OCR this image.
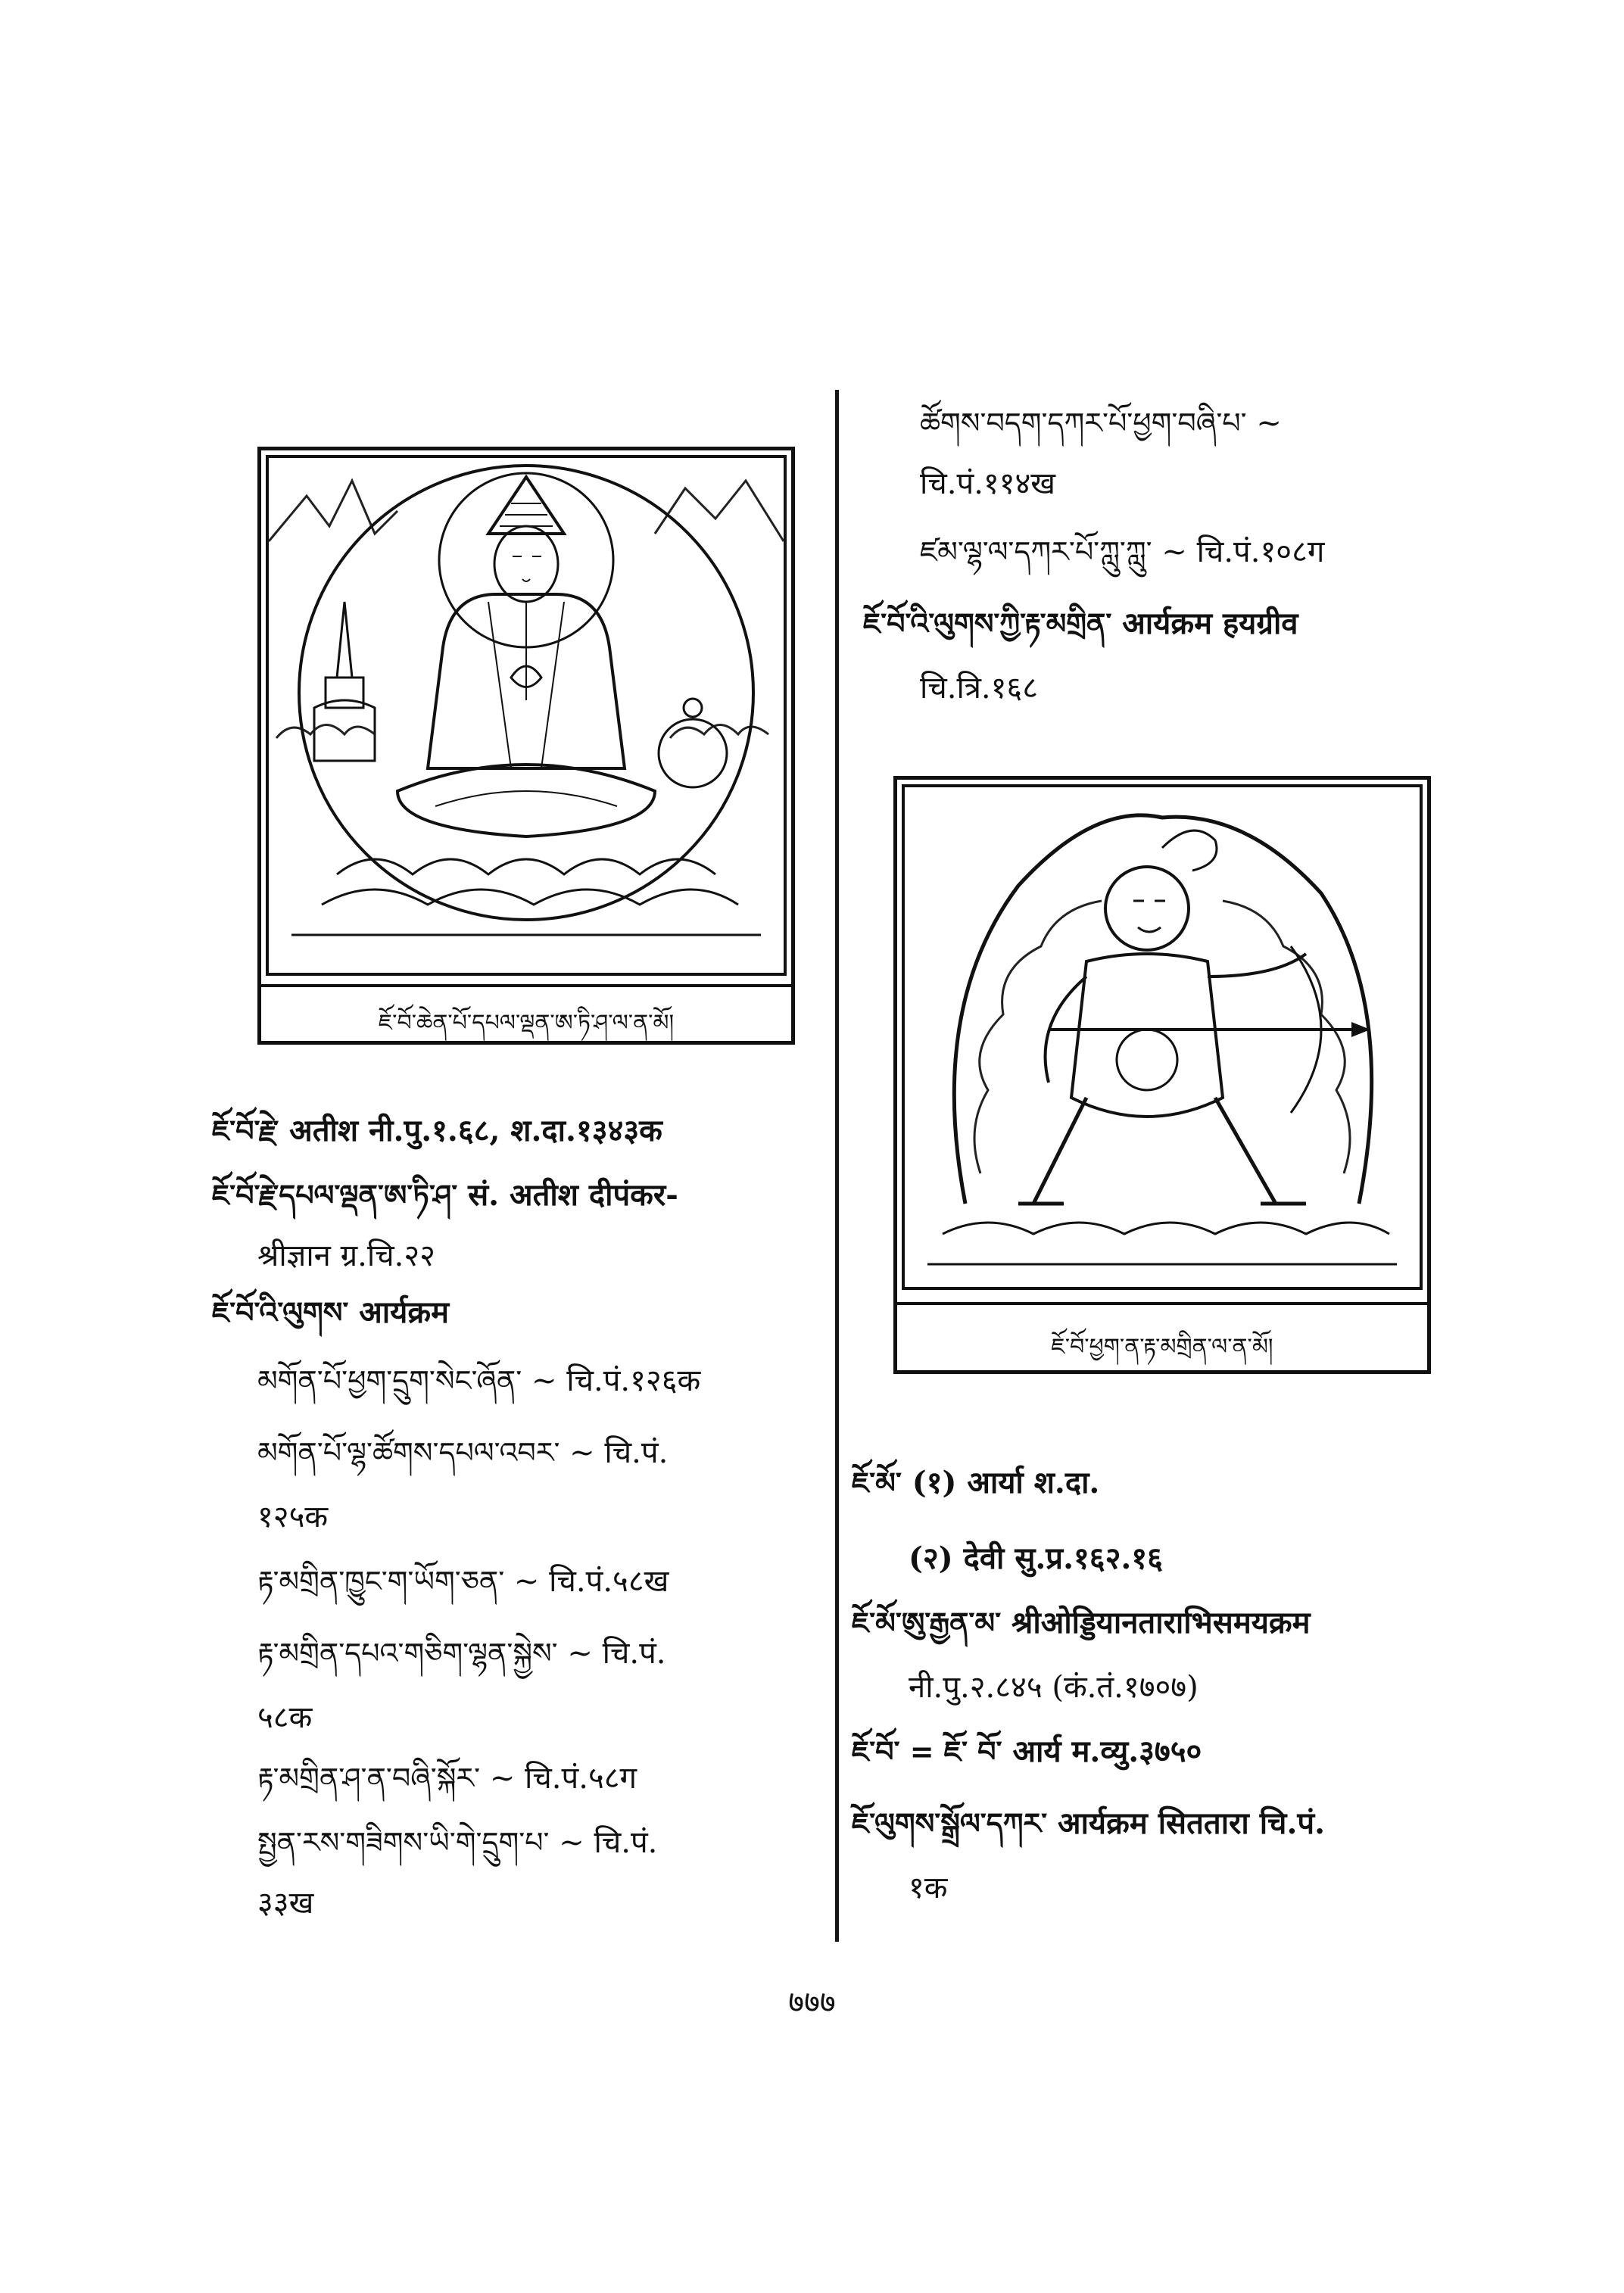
ཇོ་བོ་ཆེན་པོ་དཔལ་ལྡན་ཨ་ཏི་ཤ་ལ་ན་མོ།
ཇོ་བོ་ཕྱག་ན་རྟ་མགྲིན་ལ་ན་མོ།
ཚོགས་བདག་དཀར་པོ་ཕྱག་བཞི་པ་ ~
चि.पं.११४ख
ཛམ་ལྷ་ལ་དཀར་པོ་ཀླུ་ཀླུ་ ~ चि.पं.१०८ग
ཇོ་བོ་འི་ལུགས་ཀྱི་རྟ་མགྲིན་ आर्यक्रम हयग्रीव
चि.त्रि.१६८
ཇོ་བོ་རྗེ་ अतीश नी.पु.१.६८, श.दा.१३४३क
ཇོ་བོ་རྗེ་དཔལ་ལྡན་ཨ་ཏི་ཤ་ सं. अतीश दीपंकर-
श्रीज्ञान ग्र.चि.२२
ཇོ་བོ་འི་ལུགས་ आर्यक्रम
མགོན་པོ་ཕྱག་དྲུག་སེང་ཞོན་ ~ चि.पं.१२६क
མགོན་པོ་ལྷ་ཚོགས་དཔལ་འབར་ ~ चि.पं.
१२५क
རྟ་མགྲིན་ཁྱུང་ག་ཡོག་ཅན་ ~ चि.पं.५८ख
རྟ་མགྲིན་དཔའ་གཅིག་ལྷན་སྐྱེས་ ~ चि.पं.
५८क
རྟ་མགྲིན་ཤ་ན་བཞི་སྐོར་ ~ चि.पं.५८ग
སྤྱན་རས་གཟིགས་ཡི་གེ་དྲུག་པ་ ~ चि.पं.
३३ख
ཇོ་མོ་ (१) आर्या श.दा.
(२) देवी सु.प्र.१६२.१६
ཇོ་མོ་ཨུ་རྒྱན་མ་ श्रीओड्डियानताराभिसमयक्रम
नी.पु.२.८४५ (कं.तं.१७०७)
ཇོ་བོ་ = ཇོ་ བོ་ आर्य म.व्यु.३७५०
ཇོ་ལུགས་སྒྲོལ་དཀར་ आर्यक्रम सिततारा चि.पं.
१क
७७७
